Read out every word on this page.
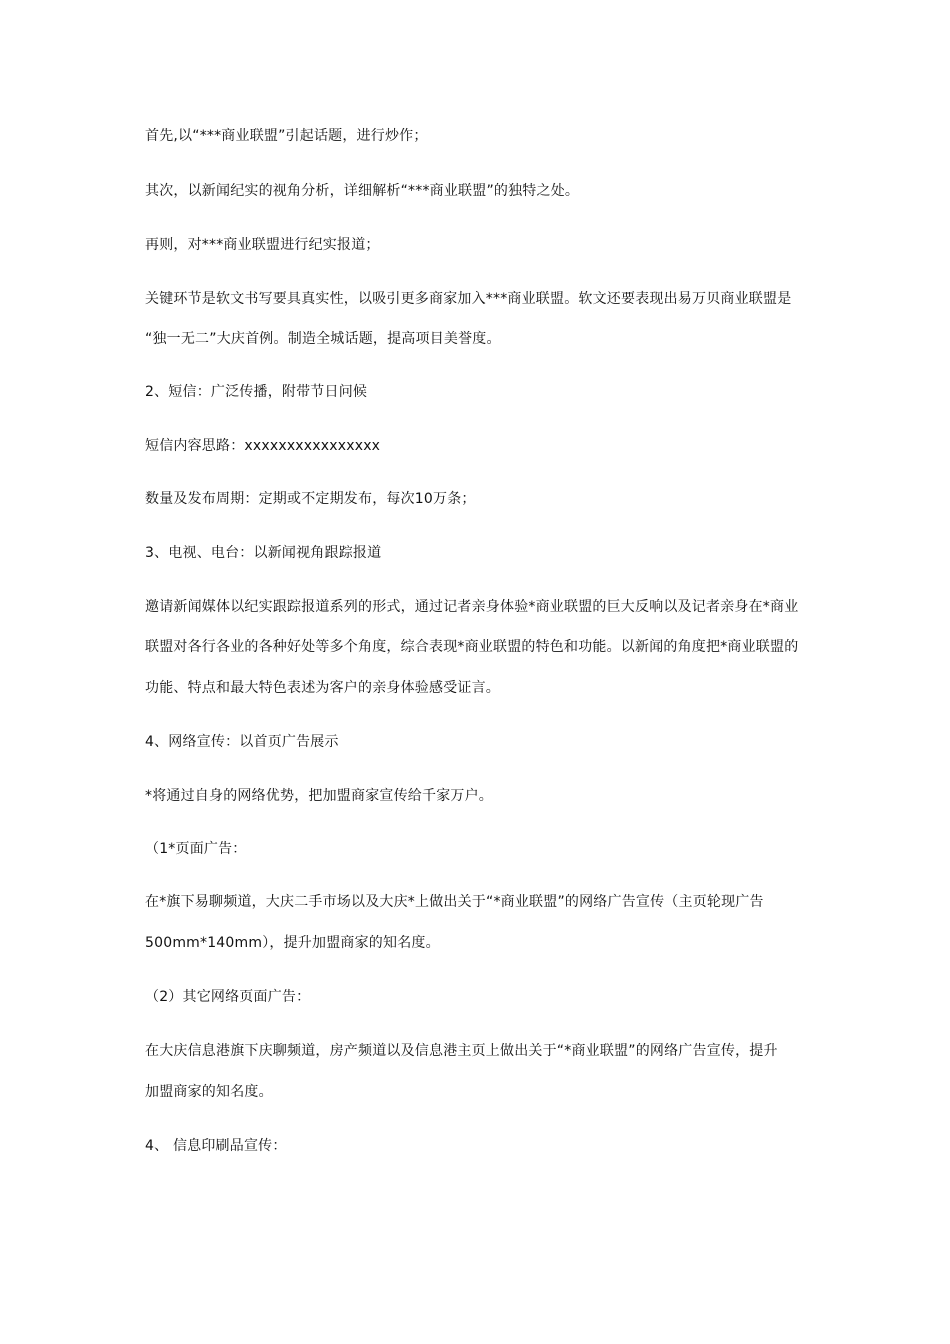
首先,以“***商业联盟”引起话题，进行炒作；
其次，以新闻纪实的视角分析，详细解析“***商业联盟”的独特之处。
再则，对***商业联盟进行纪实报道；
关键环节是软文书写要具真实性，以吸引更多商家加入***商业联盟。软文还要表现出易万贝商业联盟是
“独一无二”大庆首例。制造全城话题，提高项目美誉度。
2、短信：广泛传播，附带节日问候
短信内容思路：xxxxxxxxxxxxxxxx
数量及发布周期：定期或不定期发布，每次10万条；
3、电视、电台：以新闻视角跟踪报道
邀请新闻媒体以纪实跟踪报道系列的形式，通过记者亲身体验*商业联盟的巨大反响以及记者亲身在*商业
联盟对各行各业的各种好处等多个角度，综合表现*商业联盟的特色和功能。以新闻的角度把*商业联盟的
功能、特点和最大特色表述为客户的亲身体验感受证言。
4、网络宣传：以首页广告展示
*将通过自身的网络优势，把加盟商家宣传给千家万户。
（1*页面广告：
在*旗下易聊频道，大庆二手市场以及大庆*上做出关于“*商业联盟”的网络广告宣传（主页轮现广告
500mm*140mm），提升加盟商家的知名度。
（2）其它网络页面广告：
在大庆信息港旗下庆聊频道，房产频道以及信息港主页上做出关于“*商业联盟”的网络广告宣传，提升
加盟商家的知名度。
4、 信息印刷品宣传：
